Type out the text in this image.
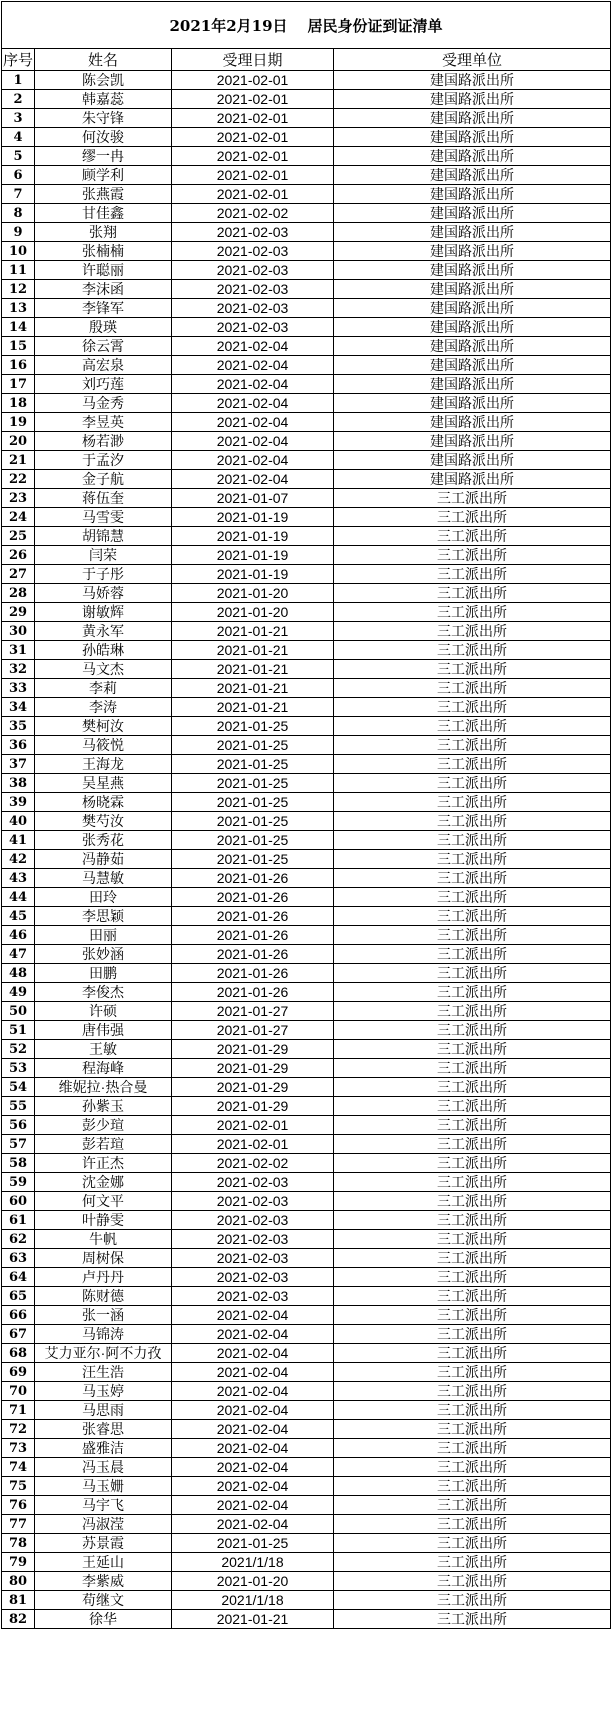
2021年2月19日 居民身份证到证清单			
序号	姓名	受理日期	受理单位
1	陈会凯	2021-02-01	建国路派出所
2	韩嘉蕊	2021-02-01	建国路派出所
3	朱守锋	2021-02-01	建国路派出所
4	何汝骏	2021-02-01	建国路派出所
5	缪一冉	2021-02-01	建国路派出所
6	顾学利	2021-02-01	建国路派出所
7	张燕霞	2021-02-01	建国路派出所
8	甘佳鑫	2021-02-02	建国路派出所
9	张翔	2021-02-03	建国路派出所
10	张楠楠	2021-02-03	建国路派出所
11	许聪丽	2021-02-03	建国路派出所
12	李沫函	2021-02-03	建国路派出所
13	李锋军	2021-02-03	建国路派出所
14	殷瑛	2021-02-03	建国路派出所
15	徐云霄	2021-02-04	建国路派出所
16	高宏泉	2021-02-04	建国路派出所
17	刘巧莲	2021-02-04	建国路派出所
18	马金秀	2021-02-04	建国路派出所
19	李昱英	2021-02-04	建国路派出所
20	杨若渺	2021-02-04	建国路派出所
21	于孟汐	2021-02-04	建国路派出所
22	金子航	2021-02-04	建国路派出所
23	蒋伍奎	2021-01-07	三工派出所
24	马雪雯	2021-01-19	三工派出所
25	胡锦慧	2021-01-19	三工派出所
26	闫荣	2021-01-19	三工派出所
27	于子彤	2021-01-19	三工派出所
28	马娇蓉	2021-01-20	三工派出所
29	谢敏辉	2021-01-20	三工派出所
30	黄永军	2021-01-21	三工派出所
31	孙皓琳	2021-01-21	三工派出所
32	马文杰	2021-01-21	三工派出所
33	李莉	2021-01-21	三工派出所
34	李涛	2021-01-21	三工派出所
35	樊柯汝	2021-01-25	三工派出所
36	马筱悦	2021-01-25	三工派出所
37	王海龙	2021-01-25	三工派出所
38	吴星燕	2021-01-25	三工派出所
39	杨晓霖	2021-01-25	三工派出所
40	樊芍汝	2021-01-25	三工派出所
41	张秀花	2021-01-25	三工派出所
42	冯静茹	2021-01-25	三工派出所
43	马慧敏	2021-01-26	三工派出所
44	田玲	2021-01-26	三工派出所
45	李思颖	2021-01-26	三工派出所
46	田丽	2021-01-26	三工派出所
47	张妙涵	2021-01-26	三工派出所
48	田鹏	2021-01-26	三工派出所
49	李俊杰	2021-01-26	三工派出所
50	许硕	2021-01-27	三工派出所
51	唐伟强	2021-01-27	三工派出所
52	王敏	2021-01-29	三工派出所
53	程海峰	2021-01-29	三工派出所
54	维妮拉·热合曼	2021-01-29	三工派出所
55	孙紫玉	2021-01-29	三工派出所
56	彭少瑄	2021-02-01	三工派出所
57	彭若瑄	2021-02-01	三工派出所
58	许正杰	2021-02-02	三工派出所
59	沈金娜	2021-02-03	三工派出所
60	何文平	2021-02-03	三工派出所
61	叶静雯	2021-02-03	三工派出所
62	牛帆	2021-02-03	三工派出所
63	周树保	2021-02-03	三工派出所
64	卢丹丹	2021-02-03	三工派出所
65	陈财德	2021-02-03	三工派出所
66	张一涵	2021-02-04	三工派出所
67	马锦涛	2021-02-04	三工派出所
68	艾力亚尔·阿不力孜	2021-02-04	三工派出所
69	汪生浩	2021-02-04	三工派出所
70	马玉婷	2021-02-04	三工派出所
71	马思雨	2021-02-04	三工派出所
72	张睿思	2021-02-04	三工派出所
73	盛雅洁	2021-02-04	三工派出所
74	冯玉晨	2021-02-04	三工派出所
75	马玉姗	2021-02-04	三工派出所
76	马宇飞	2021-02-04	三工派出所
77	冯淑滢	2021-02-04	三工派出所
78	苏景霞	2021-01-25	三工派出所
79	王延山	2021/1/18	三工派出所
80	李紫威	2021-01-20	三工派出所
81	苟继文	2021/1/18	三工派出所
82	徐华	2021-01-21	三工派出所
